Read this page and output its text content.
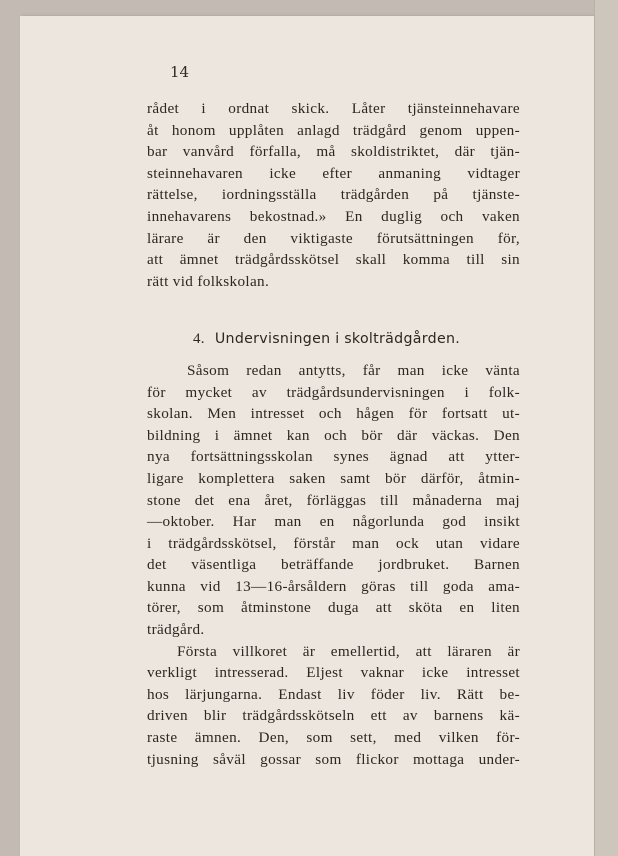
14

rådet i ordnat skick. Låter tjänsteinnehavare
åt honom upplåten anlagd trädgård genom uppen-
bar vanvård förfalla, må skoldistriktet, där tjän-
steinnehavaren icke efter anmaning vidtager
rättelse, iordningsställa trädgården på tjänste-
innehavarens bekostnad.» En duglig och vaken
lärare är den viktigaste förutsättningen för,
att ämnet trädgårdsskötsel skall komma till sin
rätt vid folkskolan.
4. Undervisningen i skolträdgården.
Såsom redan antytts, får man icke vänta
för mycket av trädgårdsundervisningen i folk-
skolan. Men intresset och hågen för fortsatt ut-
bildning i ämnet kan och bör där väckas. Den
nya fortsättningsskolan synes ägnad att ytter-
ligare komplettera saken samt bör därför, åtmin-
stone det ena året, förläggas till månaderna maj
—oktober. Har man en någorlunda god insikt
i trädgårdsskötsel, förstår man ock utan vidare
det väsentliga beträffande jordbruket. Barnen
kunna vid 13—16-årsåldern göras till goda ama-
törer, som åtminstone duga att sköta en liten
trädgård.
Första villkoret är emellertid, att läraren är
verkligt intresserad. Eljest vaknar icke intresset
hos lärjungarna. Endast liv föder liv. Rätt be-
driven blir trädgårdsskötseln ett av barnens kä-
raste ämnen. Den, som sett, med vilken för-
tjusning såväl gossar som flickor mottaga under-
